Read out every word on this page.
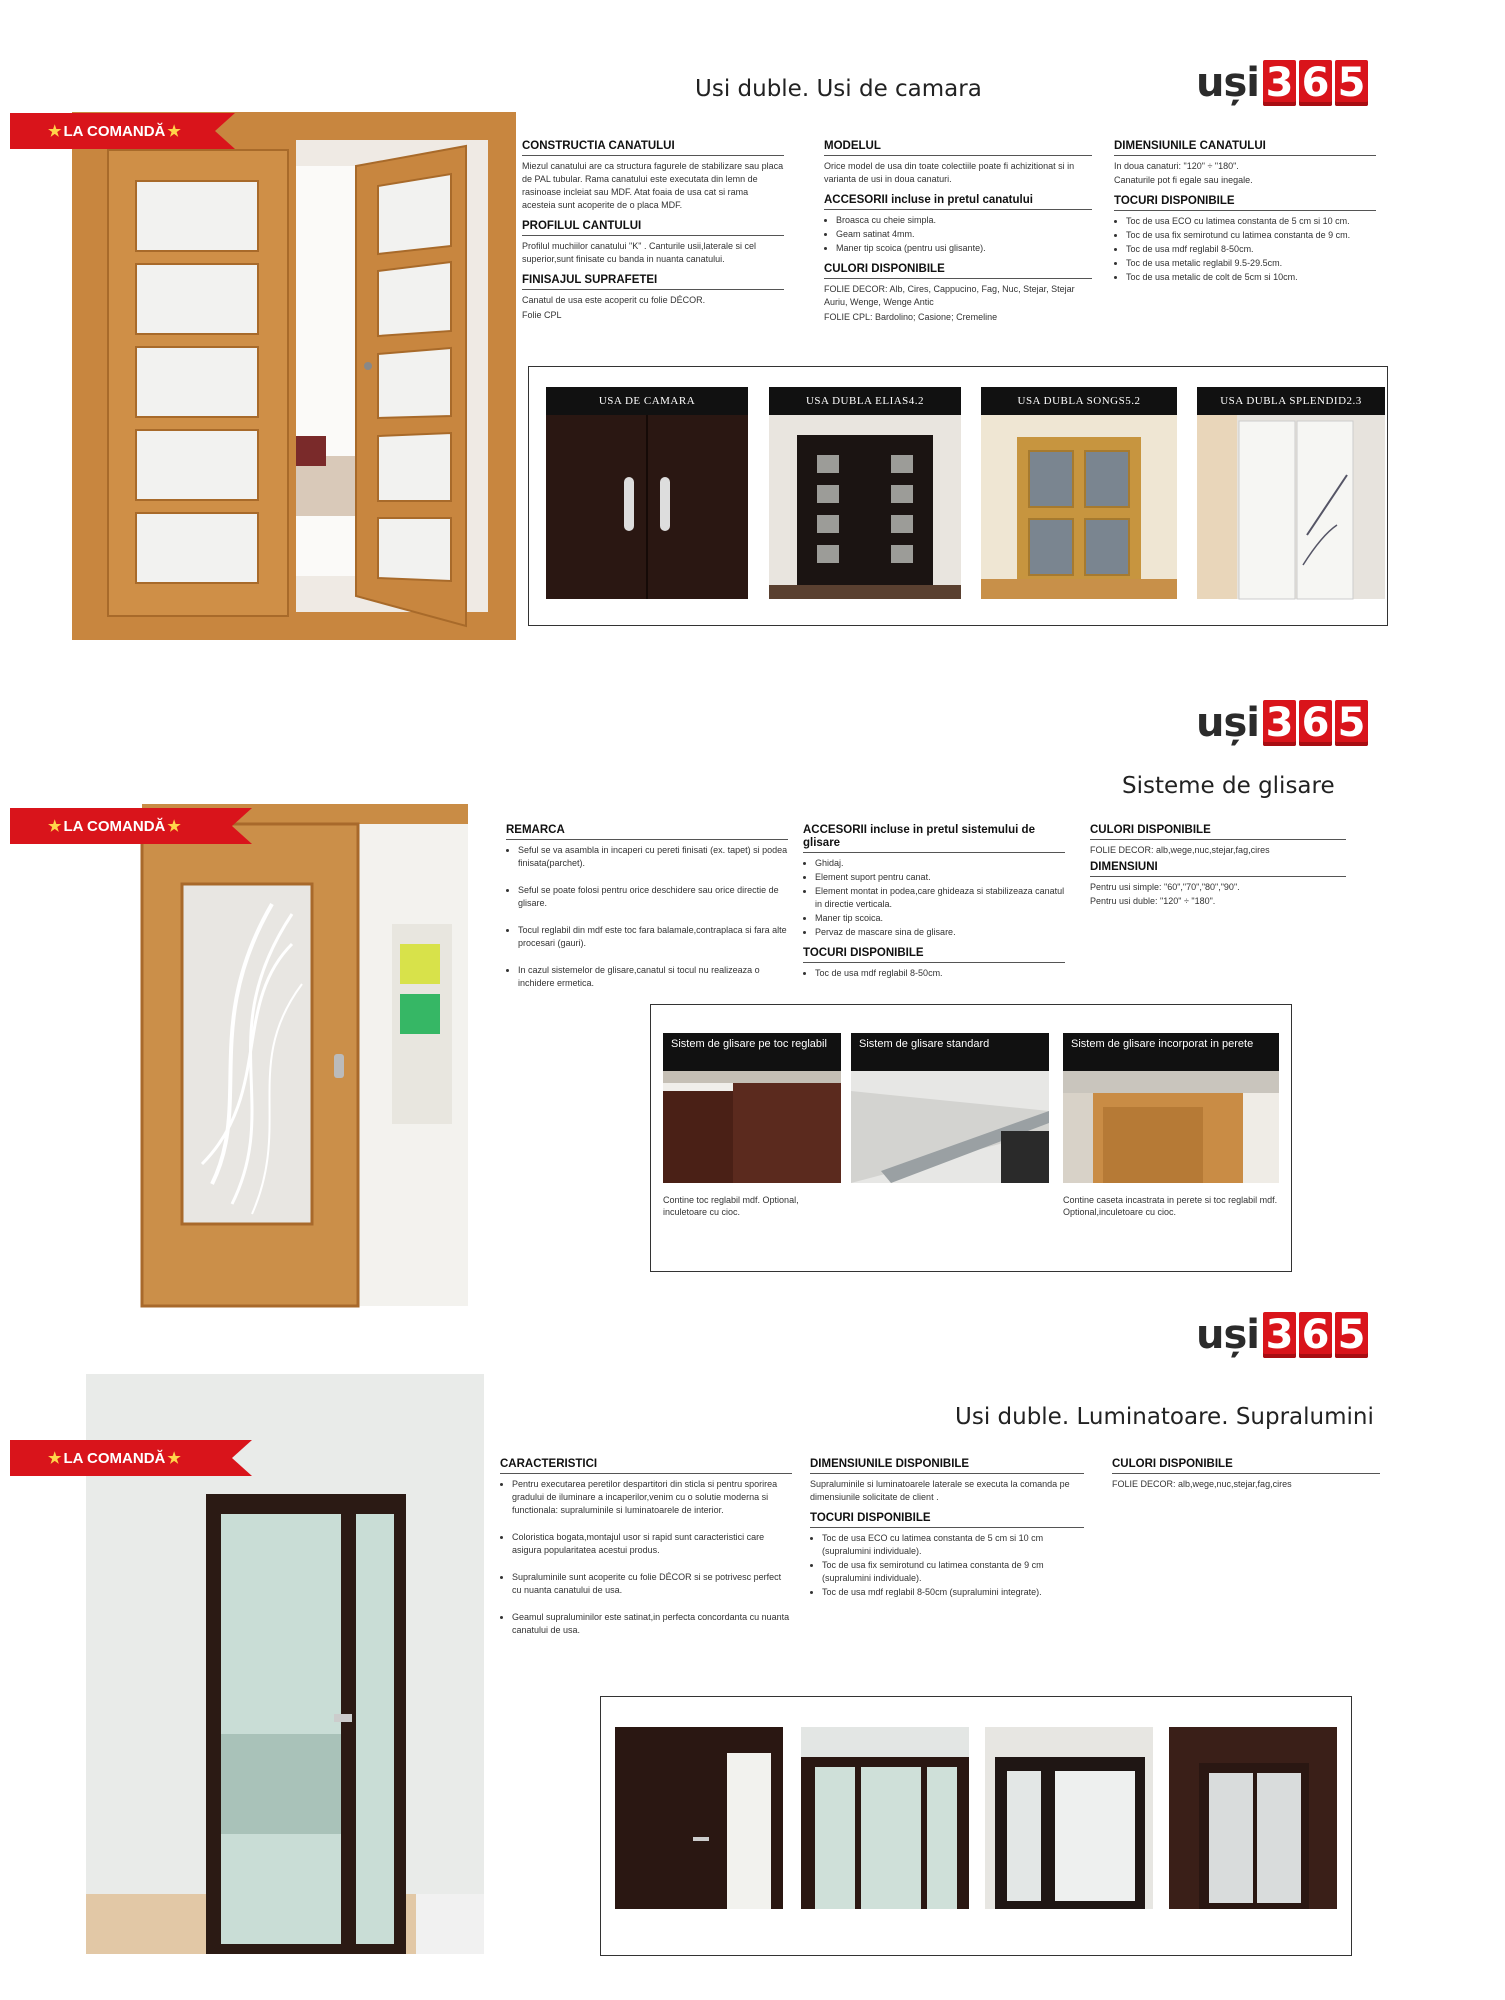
uși 3 6 5
Usi duble. Usi de camara
★ LA COMANDĂ ★
CONSTRUCTIA CANATULUI

Miezul canatului are ca structura fagurele de stabilizare sau placa de PAL tubular. Rama canatului este executata din lemn de rasinoase incleiat sau MDF. Atat foaia de usa cat si rama acesteia sunt acoperite de o placa MDF.

PROFILUL CANTULUI

Profilul muchiilor canatului "K" . Canturile usii,laterale si cel superior,sunt finisate cu banda in nuanta canatului.

FINISAJUL SUPRAFETEI

Canatul de usa este acoperit cu folie DÉCOR.

Folie CPL

MODELUL

Orice model de usa din toate colectiile poate fi achizitionat si in varianta de usi in doua canaturi.

ACCESORII incluse in pretul canatului
• Broasca cu cheie simpla.
• Geam satinat 4mm.
• Maner tip scoica (pentru usi glisante).
CULORI DISPONIBILE

FOLIE DECOR: Alb, Cires, Cappucino, Fag, Nuc, Stejar, Stejar Auriu, Wenge, Wenge Antic

FOLIE CPL: Bardolino; Casione; Cremeline

DIMENSIUNILE CANATULUI

In doua canaturi: "120" ÷ "180".

Canaturile pot fi egale sau inegale.

TOCURI DISPONIBILE
• Toc de usa ECO cu latimea constanta de 5 cm si 10 cm.
• Toc de usa fix semirotund cu latimea constanta de 9 cm.
• Toc de usa mdf reglabil 8-50cm.
• Toc de usa metalic reglabil 9.5-29.5cm.
• Toc de usa metalic de colt de 5cm si 10cm.
USA DE CAMARA	USA DUBLA ELIAS4.2	USA DUBLA SONGS5.2	USA DUBLA SPLENDID2.3
uși 3 6 5
Sisteme de glisare
★ LA COMANDĂ ★	REMARCA
• Seful se va asambla in incaperi cu pereti finisati (ex. tapet) si podea finisata(parchet).
• Seful se poate folosi pentru orice deschidere sau orice directie de glisare.
• Tocul reglabil din mdf este toc fara balamale,contraplaca si fara alte procesari (gauri).
• In cazul sistemelor de glisare,canatul si tocul nu realizeaza o inchidere ermetica.
ACCESORII incluse in pretul sistemului de glisare
• Ghidaj.
• Element suport pentru canat.
• Element montat in podea,care ghideaza si stabilizeaza canatul in directie verticala.
• Maner tip scoica.
• Pervaz de mascare sina de glisare.
TOCURI DISPONIBILE
• Toc de usa mdf reglabil 8-50cm.
CULORI DISPONIBILE

FOLIE DECOR: alb,wege,nuc,stejar,fag,cires

DIMENSIUNI

Pentru usi simple: "60","70","80","90".

Pentru usi duble: "120" ÷ "180".

Sistem de glisare pe toc reglabil
Contine toc reglabil mdf. Optional, inculetoare cu cioc.
Sistem de glisare standard	Sistem de glisare incorporat in perete
Contine caseta incastrata in perete si toc reglabil mdf. Optional,inculetoare cu cioc.
uși 3 6 5
Usi duble. Luminatoare. Supralumini
★ LA COMANDĂ ★	CARACTERISTICI
• Pentru executarea peretilor despartitori din sticla si pentru sporirea gradului de iluminare a incaperilor,venim cu o solutie moderna si functionala: supraluminile si luminatoarele de interior.
• Coloristica bogata,montajul usor si rapid sunt caracteristici care asigura popularitatea acestui produs.
• Supraluminile sunt acoperite cu folie DÉCOR si se potrivesc perfect cu nuanta canatului de usa.
• Geamul supraluminilor este satinat,in perfecta concordanta cu nuanta canatului de usa.
DIMENSIUNILE DISPONIBILE

Supraluminile si luminatoarele laterale se executa la comanda pe dimensiunile solicitate de client .

TOCURI DISPONIBILE
• Toc de usa ECO cu latimea constanta de 5 cm si 10 cm (supralumini individuale).
• Toc de usa fix semirotund cu latimea constanta de 9 cm (supralumini individuale).
• Toc de usa mdf reglabil 8-50cm (supralumini integrate).
CULORI DISPONIBILE

FOLIE DECOR: alb,wege,nuc,stejar,fag,cires

4
